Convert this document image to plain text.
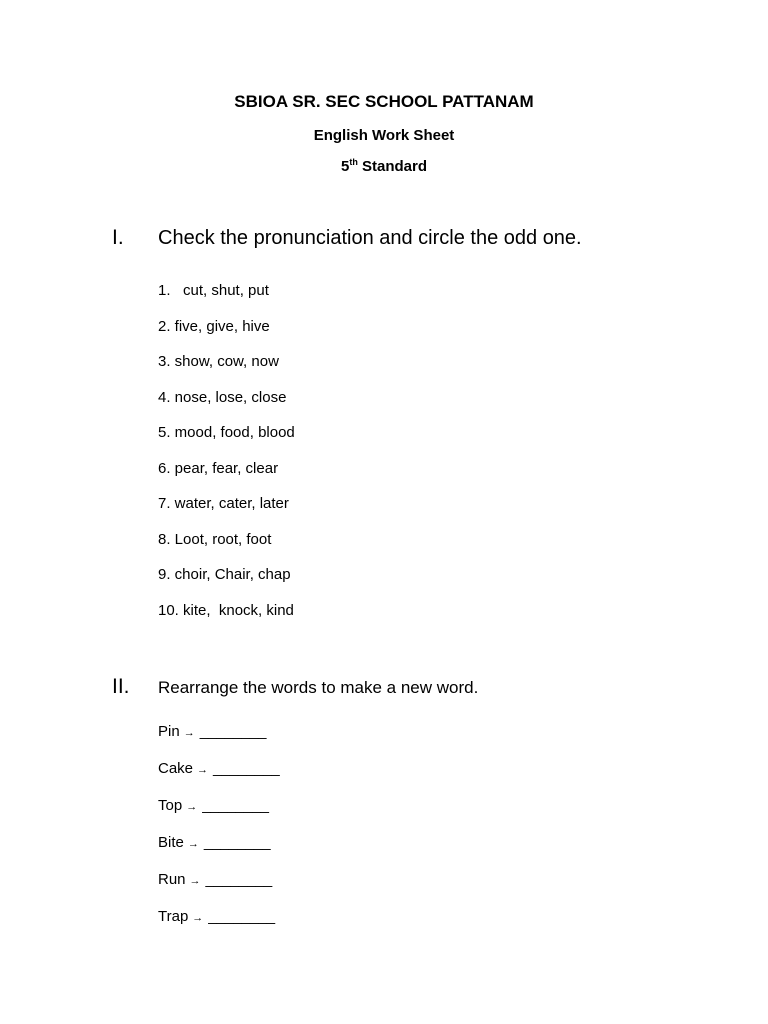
SBIOA SR. SEC SCHOOL PATTANAM
English Work Sheet
5th Standard
I. Check the pronunciation and circle the odd one.
1.   cut, shut, put
2. five, give, hive
3. show, cow, now
4. nose, lose, close
5. mood, food, blood
6. pear, fear, clear
7. water, cater, later
8. Loot, root, foot
9. choir, Chair, chap
10. kite,  knock, kind
II. Rearrange the words to make a new word.
Pin → ________
Cake → ________
Top → ________
Bite → ________
Run → ________
Trap → ________
